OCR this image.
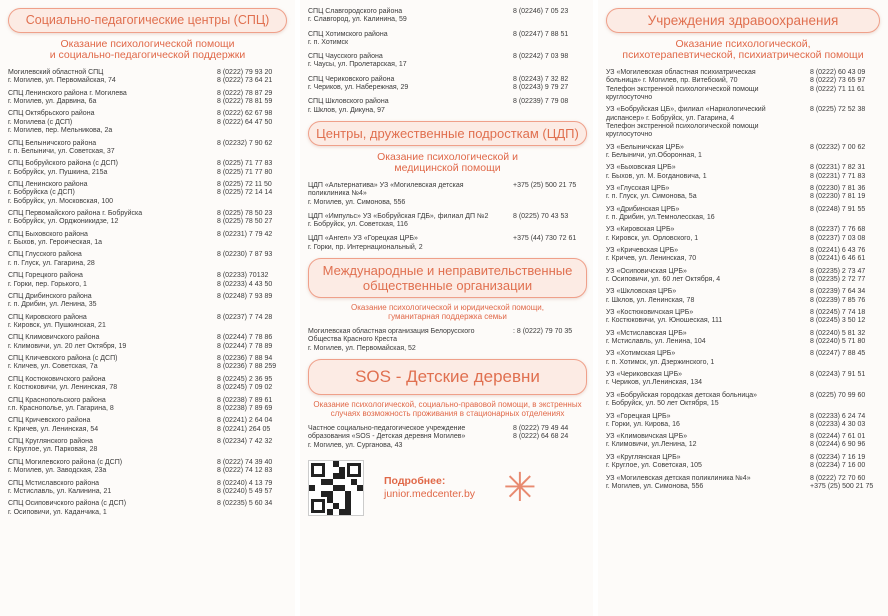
Социально-педагогические центры (СПЦ)
Оказание психологической помощи
и социально-педагогической поддержки
Могилевский областной СПЦ
г. Могилев, ул. Первомайская, 74
8 (0222) 79 93 20
8 (0222) 73 64 21
СПЦ Ленинского района г. Могилева
г. Могилев, ул. Дарвина, 6а
8 (0222) 78 87 29
8 (0222) 78 81 59
СПЦ Октябрьского района
г. Могилева (с ДСП)
г. Могилев, пер. Мельникова, 2а
8 (0222) 62 67 98
8 (0222) 64 47 50
СПЦ Белыничского района
г. п. Белыничи, ул. Советская, 37
8 (02232) 7 90 62
СПЦ Бобруйского района (с ДСП)
г. Бобруйск, ул. Пушкина, 215а
8 (0225) 71 77 83
8 (0225) 71 77 80
СПЦ Ленинского района
г. Бобруйска (с ДСП)
г. Бобруйск, ул. Московская, 100
8 (0225) 72 11 50
8 (0225) 72 14 14
СПЦ Первомайского района г. Бобруйска
г. Бобруйск, ул. Орджоникидзе, 12
8 (0225) 78 50 23
8 (0225) 78 50 27
СПЦ Быховского района
г. Быхов, ул. Героическая, 1а
8 (02231) 7 79 42
СПЦ Глусского района
г. п. Глуск, ул. Гагарина, 28
8 (02230) 7 87 93
СПЦ Горецкого района
г. Горки, пер. Горького, 1
8 (02233) 70132
8 (02233) 4 43 50
СПЦ Дрибинского района
г. п. Дрибин, ул. Ленина, 35
8 (02248) 7 93 89
СПЦ Кировского района
г. Кировск, ул. Пушкинская, 21
8 (02237) 7 74 28
СПЦ Климовичского района
г. Климовичи, ул. 20 лет Октября, 19
8 (02244) 7 78 86
8 (02244) 7 78 89
СПЦ Кличевского района (с ДСП)
г. Кличев, ул. Советская, 7а
8 (02236) 7 88 94
8 (02236) 7 88 259
СПЦ Костюковичского района
г. Костюковичи, ул. Ленинская, 78
8 (02245) 2 36 95
8 (02245) 7 09 02
СПЦ Краснопольского района
г.п. Краснополье, ул. Гагарина, 8
8 (02238) 7 89 61
8 (02238) 7 89 69
СПЦ Кричевского района
г. Кричев, ул. Ленинская, 54
8 (02241) 2 64 04
8 (02241) 264 05
СПЦ Круглянского района
г. Круглое, ул. Парковая, 28
8 (02234) 7 42 32
СПЦ Могилевского района (с ДСП)
г. Могилев, ул. Заводская, 23а
8 (0222) 74 39 40
8 (0222) 74 12 83
СПЦ Мстиславского района
г. Мстиславль, ул. Калинина, 21
8 (02240) 4 13 79
8 (02240) 5 49 57
СПЦ Осиповичского района (с ДСП)
г. Осиповичи, ул. Каданчика, 1
8 (02235) 5 60 34
СПЦ Славгородского района
г. Славгород, ул. Калинина, 59
8 (02246) 7 05 23
СПЦ Хотимского района
г. п. Хотимск
8 (02247) 7 88 51
СПЦ Чаусского района
г. Чаусы, ул. Пролетарская, 17
8 (02242) 7 03 98
СПЦ Чериковского района
г. Чериков, ул. Набережная, 29
8 (02243) 7 32 82
8 (02243) 9 79 27
СПЦ Шкловского района
г. Шклов, ул. Дикуна, 97
8 (02239) 7 79 08
Центры, дружественные подросткам (ЦДП)
Оказание психологической и
медицинской помощи
ЦДП «Альтернатива» УЗ «Могилевская детская
поликлиника №4»
г. Могилев, ул. Симонова, 556
+375 (25) 500 21 75
ЦДП «Импульс» УЗ «Бобруйская ГДБ», филиал ДП №2
г. Бобруйск, ул. Советская, 116
8 (0225) 70 43 53
ЦДП «Ангел» УЗ «Горецкая ЦРБ»
г. Горки, пр. Интернациональный, 2
+375 (44) 730 72 61
Международные и неправительственные
общественные организации
Оказание психологической и юридической помощи,
гуманитарная поддержка семьи
Могилевская областная организация Белорусского
Общества Красного Креста
г. Могилев, ул. Первомайская, 52
: 8 (0222) 79 70 35
SOS - Детские деревни
Оказание психологической, социально-правовой помощи, в экстренных
случаях возможность проживания в стационарных отделениях
Частное социально-педагогическое учреждение
образования «SOS - Детская деревня Могилев»
г. Могилев, ул. Сурганова, 43
8 (0222) 79 49 44
8 (0222) 64 68 24
Подробнее:
junior.medcenter.by ✳
Учреждения здравоохранения
Оказание психологической,
психотерапевтической, психиатрической помощи
УЗ «Могилевская областная психиатрическая
больница» г. Могилев, пр. Витебский, 70
Телефон экстренной психологической помощи
круглосуточно
8 (0222) 60 43 09
8 (0222) 73 65 97
8 (0222) 71 11 61
УЗ «Бобруйская ЦБ», филиал «Наркологический
диспансер» г. Бобруйск, ул. Гагарина, 4
Телефон экстренной психологической помощи
круглосуточно
8 (0225) 72 52 38
УЗ «Белыничская ЦРБ»
г. Белыничи, ул.Оборонная, 1
8 (02232) 7 00 62
УЗ «Быховская ЦРБ»
г. Быхов, ул. М. Богдановича, 1
8 (02231) 7 82 31
8 (02231) 7 71 83
УЗ «Глусская ЦРБ»
г. п. Глуск, ул. Симонова, 5а
8 (02230) 7 81 36
8 (02230) 7 81 19
УЗ «Дрибинская ЦРБ»
г. п. Дрибин, ул.Темнолесская, 16
8 (02248) 7 91 55
УЗ «Кировская ЦРБ»
г. Кировск, ул. Орловского, 1
8 (02237) 7 76 68
8 (02237) 7 03 08
УЗ «Кричевская ЦРБ»
г. Кричев, ул. Ленинская, 70
8 (02241) 6 43 76
8 (02241) 6 46 61
УЗ «Осиповичская ЦРБ»
г. Осиповичи, ул. 60 лет Октября, 4
8 (02235) 2 73 47
8 (02235) 2 72 77
УЗ «Шкловская ЦРБ»
г. Шклов, ул. Ленинская, 78
8 (02239) 7 64 34
8 (02239) 7 85 76
УЗ «Костюковичская ЦРБ»
г. Костюковичи, ул. Юношеская, 111
8 (02245) 7 74 18
8 (02245) 3 50 12
УЗ «Мстиславская ЦРБ»
г. Мстиславль, ул. Ленина, 104
8 (02240) 5 81 32
8 (02240) 5 71 80
УЗ «Хотимская ЦРБ»
г. п. Хотимск, ул. Дзержинского, 1
8 (02247) 7 88 45
УЗ «Чериковская ЦРБ»
г. Чериков, ул.Ленинская, 134
8 (02243) 7 91 51
УЗ «Бобруйская городская детская больница»
г. Бобруйск, ул. 50 лет Октября, 15
8 (0225) 70 99 60
УЗ «Горецкая ЦРБ»
г. Горки, ул. Кирова, 16
8 (02233) 6 24 74
8 (02233) 4 30 03
УЗ «Климовичская ЦРБ»
г. Климовичи, ул.Ленина, 12
8 (02244) 7 61 01
8 (02244) 6 90 96
УЗ «Круглянская ЦРБ»
г. Круглое, ул. Советская, 105
8 (02234) 7 16 19
8 (02234) 7 16 00
УЗ «Могилевская детская поликлиника №4»
г. Могилев, ул. Симонова, 556
8 (0222) 72 70 60
+375 (25) 500 21 75
